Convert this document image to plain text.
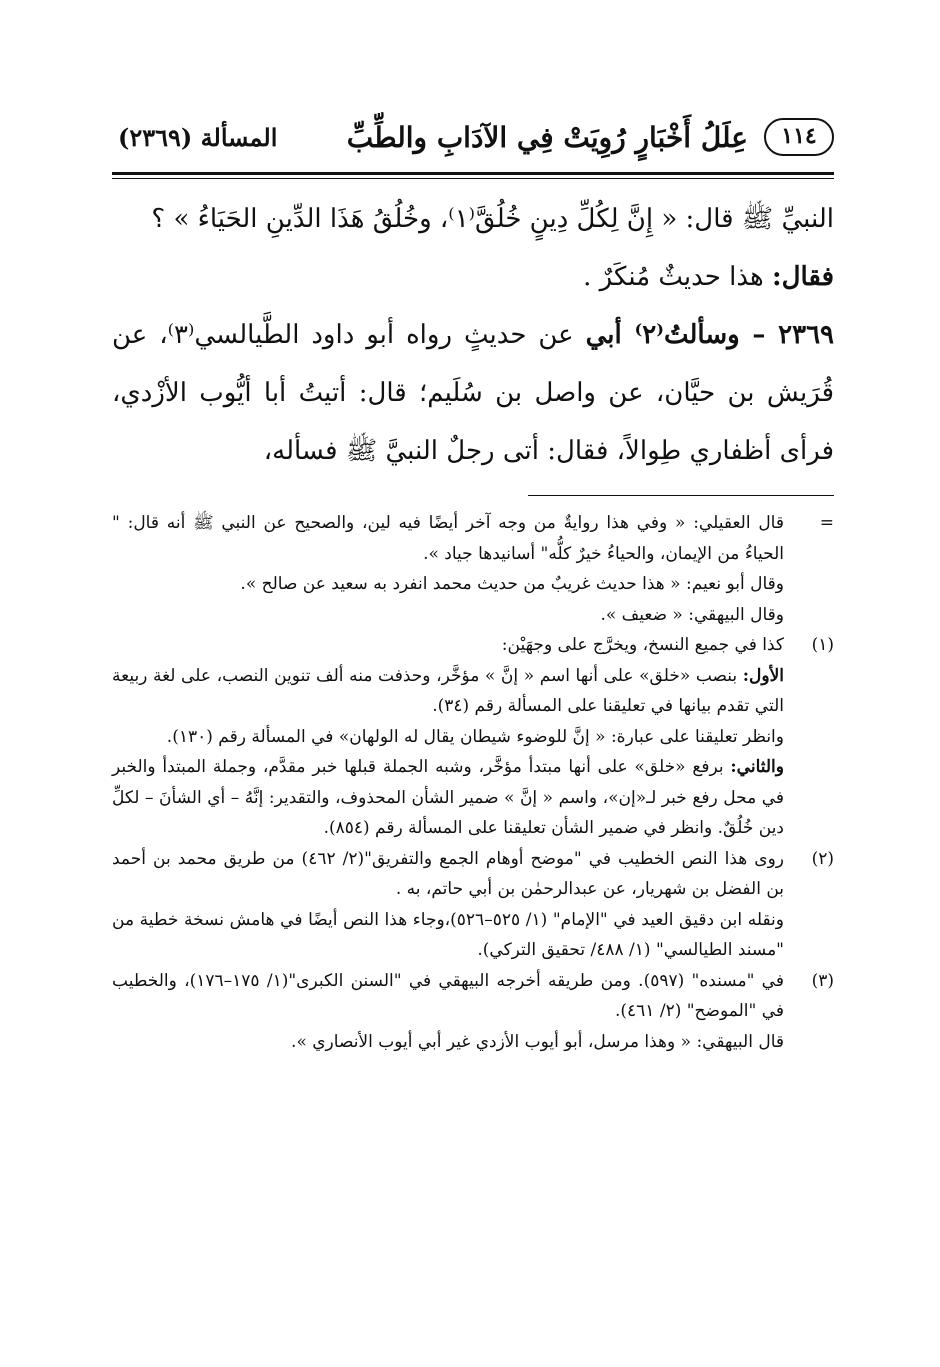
١١٤
عِلَلُ أَخْبَارٍ رُوِيَتْ فِي الآدَابِ والطِّبِّ
المسألة (٢٣٦٩)

النبيِّ ﷺ قال: « إِنَّ لِكُلِّ دِينٍ خُلُقَّ⁽١⁾، وخُلُقُ هَذَا الدِّينِ الحَيَاءُ » ؟

فقال: هذا حديثٌ مُنكَرٌ .

٢٣٦٩ – وسألتُ⁽٢⁾ أبي عن حديثٍ رواه أبو داود الطَّيالسي⁽٣⁾، عن قُرَيش بن حيَّان، عن واصل بن سُلَيم؛ قال: أتيتُ أبا أيُّوب الأزْدي، فرأى أظفاري طِوالاً، فقال: أتى رجلٌ النبيَّ ﷺ فسأله،

=

قال العقيلي: « وفي هذا روايةٌ من وجه آخر أيضًا فيه لين، والصحيح عن النبي ﷺ أنه قال: " الحياءُ من الإيمان، والحياءُ خيرٌ كلُّه" أسانيدها جياد ».

وقال أبو نعيم: « هذا حديث غريبٌ من حديث محمد انفرد به سعيد عن صالح ».

وقال البيهقي: « ضعيف ».

(١)

كذا في جميع النسخ، ويخرَّج على وجهَيْن:

الأول: بنصب «خلق» على أنها اسم « إنَّ » مؤخَّر، وحذفت منه ألف تنوين النصب، على لغة ربيعة التي تقدم بيانها في تعليقنا على المسألة رقم (٣٤).

وانظر تعليقنا على عبارة: « إنَّ للوضوء شيطان يقال له الولهان» في المسألة رقم (١٣٠).

والثاني: برفع «خلق» على أنها مبتدأ مؤخَّر، وشبه الجملة قبلها خبر مقدَّم، وجملة المبتدأ والخبر في محل رفع خبر لـ«إن»، واسم « إنَّ » ضمير الشأن المحذوف، والتقدير: إنَّهُ – أي الشأنَ – لكلِّ دين خُلُقٌ. وانظر في ضمير الشأن تعليقنا على المسألة رقم (٨٥٤).

(٢)

روى هذا النص الخطيب في "موضح أوهام الجمع والتفريق"(٢/ ٤٦٢) من طريق محمد بن أحمد بن الفضل بن شهريار، عن عبدالرحمٰن بن أبي حاتم، به .

ونقله ابن دقيق العيد في "الإمام" (١/ ٥٢٥–٥٢٦)،وجاء هذا النص أيضًا في هامش نسخة خطية من "مسند الطيالسي" (١/ ٤٨٨/ تحقيق التركي).

(٣)

في "مسنده" (٥٩٧). ومن طريقه أخرجه البيهقي في "السنن الكبرى"(١/ ١٧٥–١٧٦)، والخطيب في "الموضح" (٢/ ٤٦١).

قال البيهقي: « وهذا مرسل، أبو أيوب الأزدي غير أبي أيوب الأنصاري ».
